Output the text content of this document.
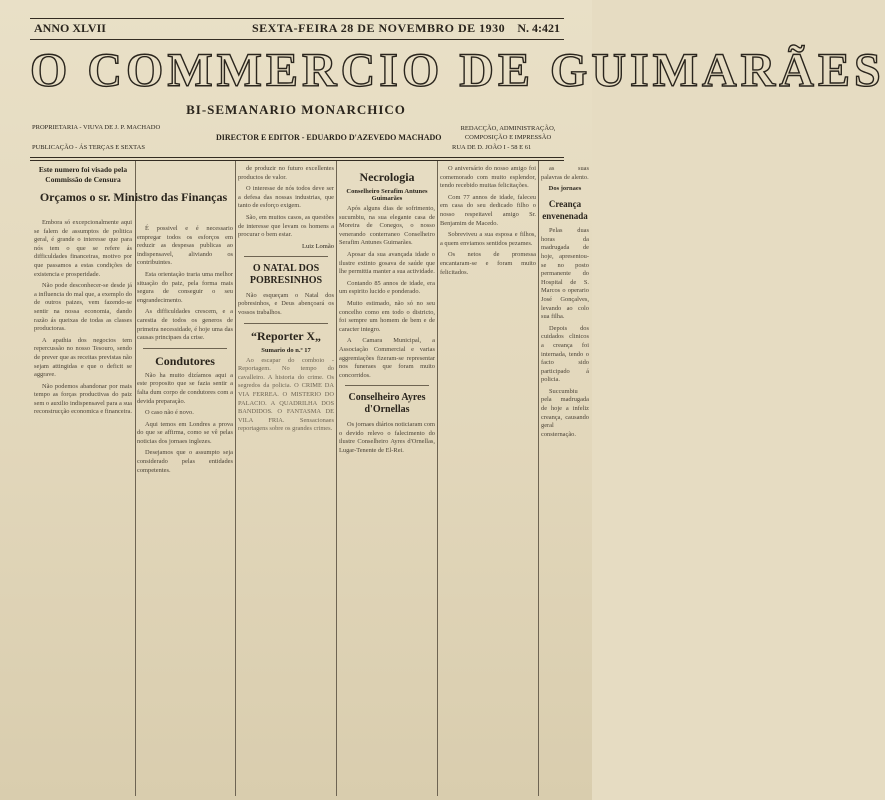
ANNO XLVII	SEXTA-FEIRA 28 DE NOVEMBRO DE 1930 N. 4:421
O COMMERCIO DE GUIMARÃES
BI-SEMANARIO MONARCHICO
PROPRIETARIA - VIUVA DE J. P. MACHADO
PUBLICAÇÃO - ÁS TERÇAS E SEXTAS
DIRECTOR E EDITOR - EDUARDO D'AZEVEDO MACHADO
REDACÇÃO, ADMINISTRAÇÃO, COMPOSIÇÃO E IMPRESSÃO
RUA DE D. JOÃO I - 58 E 61
Orçamos o sr. Ministro das Finanças
Este numero foi visado pela Commissão de Censura

Embora só excepcionalmente aqui se falem de assumptos de politica geral, é grande o interesse que para nós tem o que se refere ás difficuldades financeiras, motivo por que passamos a estas condições de existencia e prosperidade.

Não pode desconhecer-se desde já a influencia do mal que, a exemplo do de outros paizes, vem fazendo-se sentir na nossa economia, dando razão ás queixas de todas as classes productoras.

A apathia dos negocios tem repercussão no nosso Tesouro, sendo de prever que as receitas previstas não sejam attingidas e que o deficit se aggrave.

Não podemos abandonar por mais tempo as forças productivas do paiz sem o auxilio indispensavel para a sua reconstrucção economica e financeira.

É possivel e é necessario empregar todos os esforços em reduzir as despesas publicas ao indispensavel, aliviando os contribuintes.

Esta orientação traria uma melhor situação do paiz, pela forma mais segura de conseguir o seu engrandecimento.

As difficuldades crescem, e a carestia de todos os generos de primeira necessidade, é hoje uma das causas principaes da crise.

Condutores

Não ha muito dizíamos aqui a este proposito que se fazia sentir a falta dum corpo de condutores com a devida preparação.

O caso não é novo.

Aqui temos em Londres a prova do que se affirma, como se vê pelas noticias dos jornaes inglezes.

Desejamos que o assumpto seja considerado pelas entidades competentes.

de produzir no futuro excellentes productos de valor.

O interesse de nós todos deve ser a defesa das nossas industrias, que tanto de esforço exigem.

São, em muitos casos, as questões de interesse que levam os homens a procurar o bem estar.

Luiz Lomão
O NATAL DOS POBRESINHOS

Não esqueçam o Natal dos pobresinhos, e Deus abençoará os vossos trabalhos.

“Reporter X„
Sumario do n.º 17

Ao escapar do comboio - Reportagem. No tempo do cavalleiro. A historia do crime. Os segredos da policia. O CRIME DA VIA FERREA. O MISTERIO DO PALACIO. A QUADRILHA DOS BANDIDOS. O FANTASMA DE VILA FRIA. Sensacionaes reportagens sobre os grandes crimes.

Necrologia
Conselheiro Serafim Antunes Guimarães

Após alguns dias de sofrimento, sucumbiu, na sua elegante casa de Moreira de Conegos, o nosso venerando conterraneo Conselheiro Serafim Antunes Guimarães.

Aposar da sua avançada idade o ilustre extinto gosava de saúde que lhe permittia manter a sua actividade.

Contando 85 annos de idade, era um espirito lucido e ponderado.

Muito estimado, não só no seu concelho como em todo o districto, foi sempre um homem de bem e de caracter integro.

A Camara Municipal, a Associação Commercial e varias aggremiações fizeram-se representar nos funeraes que foram muito concorridos.

Conselheiro Ayres d'Ornellas

Os jornaes diários noticiaram com o devido relevo o falecimento do ilustre Conselheiro Ayres d'Ornellas, Lugar-Tenente de El-Rei.

O aniversário do nosso amigo foi comemorado com muito esplendor, tendo recebido muitas felicitações.

Com 77 annos de idade, faleceu em casa do seu dedicado filho o nosso respeitavel amigo Sr. Benjamim de Macedo.

Sobreviveu a sua esposa e filhos, a quem enviamos sentidos pezames.

Os netos de promessa encantaram-se e foram muito felicitados.

as suas palavras de alento.

Dos jornaes
Creança envenenada

Pelas duas horas da madrugada de hoje, apresentou-se no posto permanente do Hospital de S. Marcos o operario José Gonçalves, levando ao colo sua filha.

Depois dos cuidados clinicos a creança foi internada, tendo o facto sido participado á policia.

Succumbiu pela madrugada de hoje a infeliz creança, causando geral consternação.
